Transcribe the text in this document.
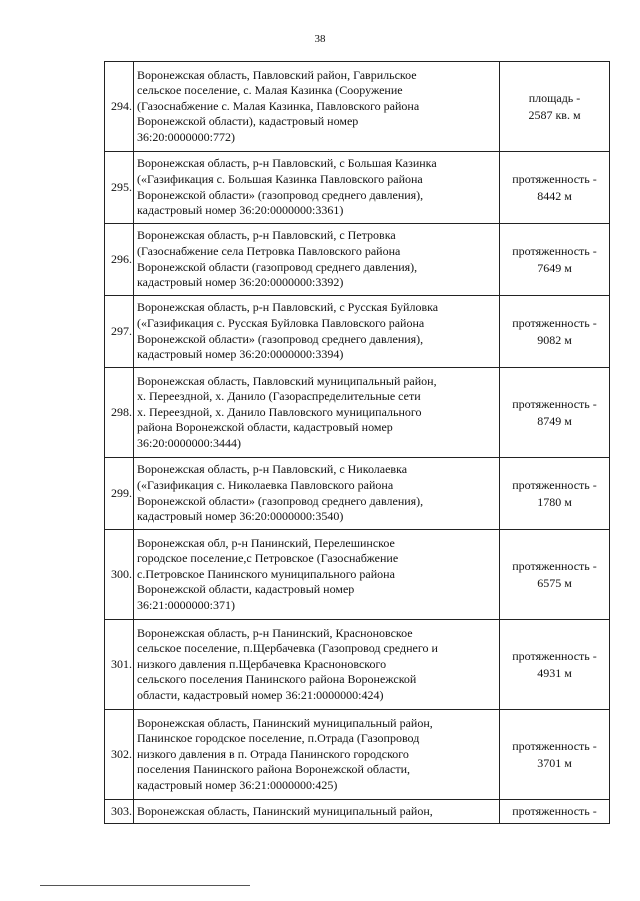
38
294.	Воронежская область, Павловский район, Гаврильское
сельское поселение, с. Малая Казинка (Сооружение
(Газоснабжение с. Малая Казинка, Павловского района
Воронежской области), кадастровый номер
36:20:0000000:772)	площадь -
2587 кв. м

295.	Воронежская область, р-н Павловский, с Большая Казинка
(«Газификация с. Большая Казинка Павловского района
Воронежской области» (газопровод среднего давления),
кадастровый номер 36:20:0000000:3361)	протяженность -
8442 м

296.	Воронежская область, р-н Павловский, с Петровка
(Газоснабжение села Петровка Павловского района
Воронежской области (газопровод среднего давления),
кадастровый номер 36:20:0000000:3392)	протяженность -
7649 м

297.	Воронежская область, р-н Павловский, с Русская Буйловка
(«Газификация с. Русская Буйловка Павловского района
Воронежской области» (газопровод среднего давления),
кадастровый номер 36:20:0000000:3394)	протяженность -
9082 м

298.	Воронежская область, Павловский муниципальный район,
х. Переездной, х. Данило (Газораспределительные сети
х. Переездной, х. Данило Павловского муниципального
района Воронежской области, кадастровый номер
36:20:0000000:3444)	протяженность -
8749 м

299.	Воронежская область, р-н Павловский, с Николаевка
(«Газификация с. Николаевка Павловского района
Воронежской области» (газопровод среднего давления),
кадастровый номер 36:20:0000000:3540)	протяженность -
1780 м

300.	Воронежская обл, р-н Панинский, Перелешинское
городское поселение,с Петровское (Газоснабжение
с.Петровское Панинского муниципального района
Воронежской области, кадастровый номер
36:21:0000000:371)	протяженность -
6575 м

301.	Воронежская область, р-н Панинский, Красноновское
сельское поселение, п.Щербачевка (Газопровод среднего и
низкого давления п.Щербачевка Красноновского
сельского поселения Панинского района Воронежской
области, кадастровый номер 36:21:0000000:424)	протяженность -
4931 м

302.	Воронежская область, Панинский муниципальный район,
Панинское городское поселение, п.Отрада (Газопровод
низкого давления в п. Отрада Панинского городского
поселения Панинского района Воронежской области,
кадастровый номер 36:21:0000000:425)	протяженность -
3701 м

303.	Воронежская область, Панинский муниципальный район,	протяженность -
